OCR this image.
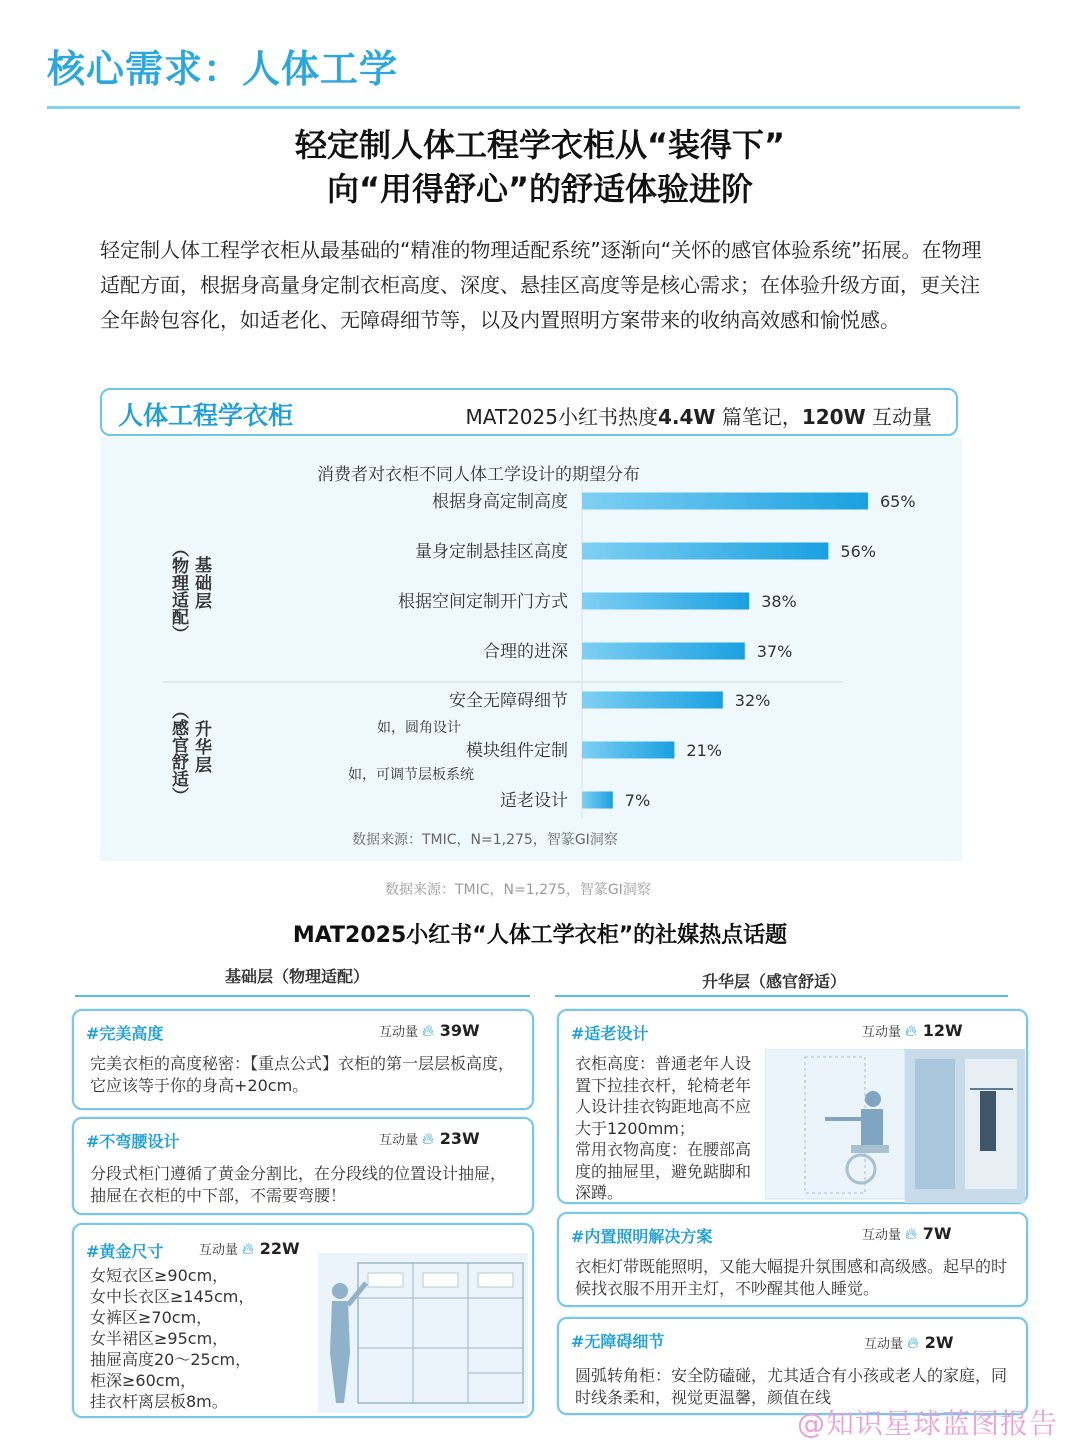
核心需求：人体工学
轻定制人体工程学衣柜从“装得下”
向“用得舒心”的舒适体验进阶
轻定制人体工程学衣柜从最基础的“精准的物理适配系统”逐渐向“关怀的感官体验系统”拓展。在物理适配方面，根据身高量身定制衣柜高度、深度、悬挂区高度等是核心需求；在体验升级方面，更关注全年龄包容化，如适老化、无障碍细节等，以及内置照明方案带来的收纳高效感和愉悦感。
人体工程学衣柜	MAT2025小红书热度4.4W 篇笔记，120W 互动量
消费者对衣柜不同人体工学设计的期望分布
根据身高定制高度	65%
量身定制悬挂区高度	56%
根据空间定制开门方式	38%
合理的进深	37%
安全无障碍细节	32%
模块组件定制	21%
适老设计	7%
如，圆角设计
如，可调节层板系统
基础层
（物理适配）
升华层
（感官舒适）
数据来源：TMIC，N=1,275，智篆GI洞察
数据来源：TMIC，N=1,275，智篆GI洞察
MAT2025小红书“人体工学衣柜”的社媒热点话题
基础层（物理适配）	升华层（感官舒适）
#完美高度	互动量 🔥︎ 39W
完美衣柜的高度秘密：【重点公式】衣柜的第一层层板高度，它应该等于你的身高+20cm。
#不弯腰设计	互动量 🔥︎ 23W
分段式柜门遵循了黄金分割比，在分段线的位置设计抽屉，抽屉在衣柜的中下部，不需要弯腰！
#黄金尺寸	互动量 🔥︎ 22W
女短衣区≥90cm，
女中长衣区≥145cm，
女裤区≥70cm，
女半裙区≥95cm，
抽屉高度20～25cm，
柜深≥60cm，
挂衣杆离层板8m。
#适老设计	互动量 🔥︎ 12W
衣柜高度：普通老年人设
置下拉挂衣杆，轮椅老年
人设计挂衣钩距地高不应
大于1200mm；
常用衣物高度：在腰部高
度的抽屉里，避免踮脚和
深蹲。
#内置照明解决方案	互动量 🔥︎ 7W
衣柜灯带既能照明，又能大幅提升氛围感和高级感。起早的时候找衣服不用开主灯，不吵醒其他人睡觉。
#无障碍细节	互动量 🔥︎ 2W
圆弧转角柜：安全防磕碰，尤其适合有小孩或老人的家庭，同时线条柔和，视觉更温馨，颜值在线
@知识星球蓝图报告
